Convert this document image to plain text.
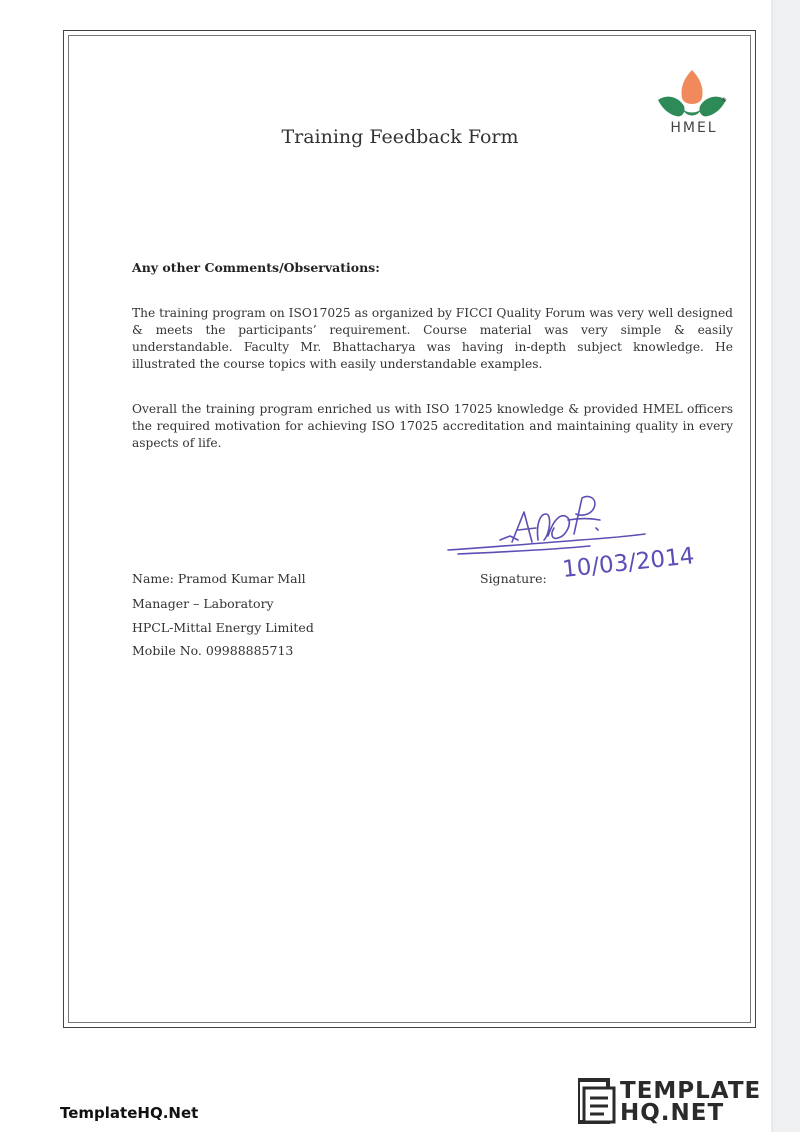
HMEL
®
Training Feedback Form
Any other Comments/Observations:
The training program on ISO17025 as organized by FICCI Quality Forum was very well designed & meets the participants’ requirement. Course material was very simple & easily understandable. Faculty Mr. Bhattacharya was having in-depth subject knowledge. He illustrated the course topics with easily understandable examples.
Overall the training program enriched us with ISO 17025 knowledge & provided HMEL officers the required motivation for achieving ISO 17025 accreditation and maintaining quality in every aspects of life.
Name: Pramod Kumar Mall
Manager – Laboratory
HPCL-Mittal Energy Limited
Mobile No. 09988885713
Signature: 10/03/2014
TemplateHQ.Net
TEMPLATE
HQ.NET
